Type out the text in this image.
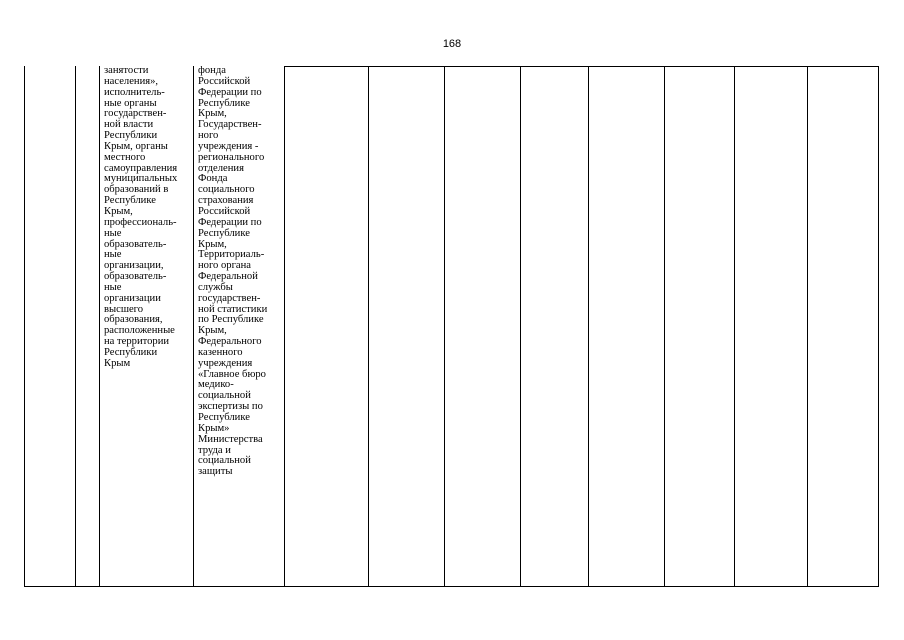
168
занятости
населения»,
исполнитель-
ные органы
государствен-
ной власти
Республики
Крым, органы
местного
самоуправления
муниципальных
образований в
Республике
Крым,
профессиональ-
ные
образователь-
ные
организации,
образователь-
ные
организации
высшего
образования,
расположенные
на территории
Республики
Крым
фонда
Российской
Федерации по
Республике
Крым,
Государствен-
ного
учреждения -
регионального
отделения
Фонда
социального
страхования
Российской
Федерации по
Республике
Крым,
Территориаль-
ного органа
Федеральной
службы
государствен-
ной статистики
по Республике
Крым,
Федерального
казенного
учреждения
«Главное бюро
медико-
социальной
экспертизы по
Республике
Крым»
Министерства
труда и
социальной
защиты
